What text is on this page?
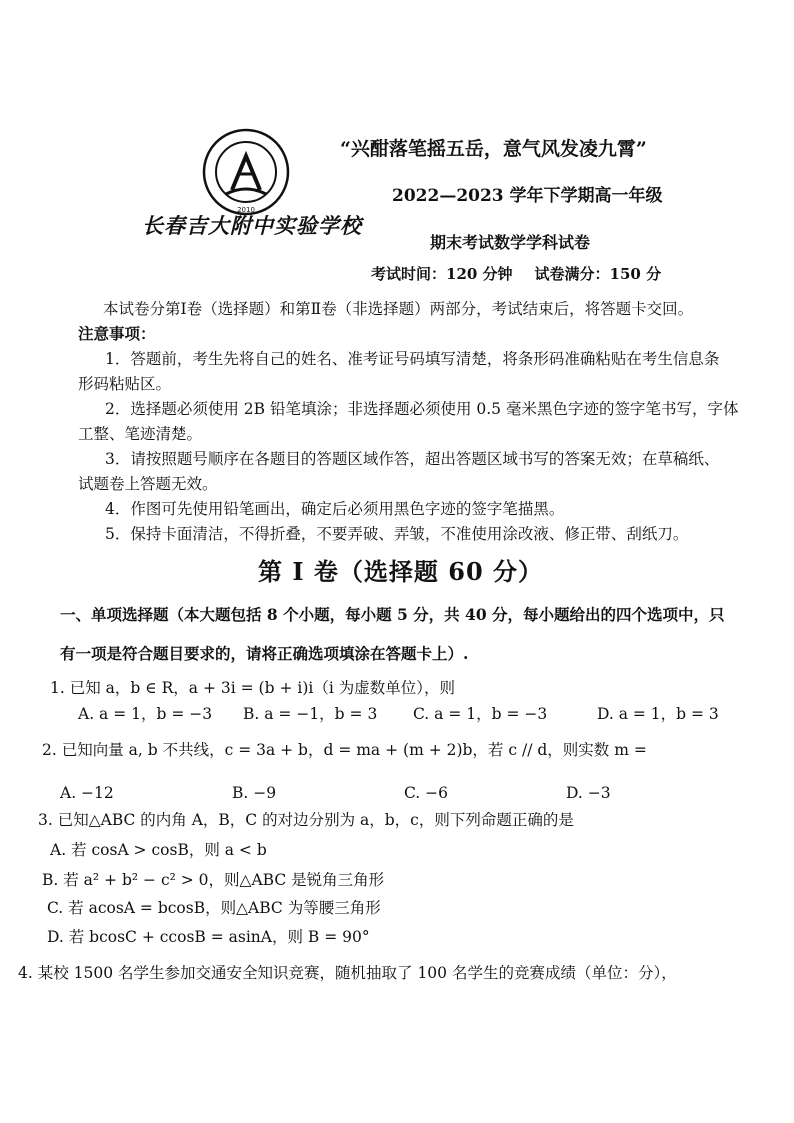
2010
长春吉大附中实验学校
“兴酣落笔摇五岳，意气风发凌九霄”
2022—2023 学年下学期高一年级
期末考试数学学科试卷
考试时间：120 分钟 试卷满分：150 分
本试卷分第Ⅰ卷（选择题）和第Ⅱ卷（非选择题）两部分，考试结束后，将答题卡交回。
注意事项：
1．答题前，考生先将自己的姓名、准考证号码填写清楚，将条形码准确粘贴在考生信息条
形码粘贴区。
2．选择题必须使用 2B 铅笔填涂；非选择题必须使用 0.5 毫米黑色字迹的签字笔书写，字体
工整、笔迹清楚。
3．请按照题号顺序在各题目的答题区域作答，超出答题区域书写的答案无效；在草稿纸、
试题卷上答题无效。
4．作图可先使用铅笔画出，确定后必须用黑色字迹的签字笔描黑。
5．保持卡面清洁，不得折叠，不要弄破、弄皱，不准使用涂改液、修正带、刮纸刀。
第 Ⅰ 卷（选择题 60 分）
一、单项选择题（本大题包括 8 个小题，每小题 5 分，共 40 分，每小题给出的四个选项中，只
有一项是符合题目要求的，请将正确选项填涂在答题卡上）.
1. 已知 a，b ∈ R，a + 3i = (b + i)i（i 为虚数单位），则
A. a = 1，b = −3 B. a = −1，b = 3 C. a = 1，b = −3	D. a = 1，b = 3
2. 已知向量 a, b 不共线，c = 3a + b，d = ma + (m + 2)b，若 c // d，则实数 m =
A. −12	B. −9	C. −6	D. −3
3. 已知△ABC 的内角 A，B，C 的对边分别为 a，b，c，则下列命题正确的是
A. 若 cosA > cosB，则 a < b
B. 若 a² + b² − c² > 0，则△ABC 是锐角三角形
C. 若 acosA = bcosB，则△ABC 为等腰三角形
D. 若 bcosC + ccosB = asinA，则 B = 90°
4. 某校 1500 名学生参加交通安全知识竞赛，随机抽取了 100 名学生的竞赛成绩（单位：分），
